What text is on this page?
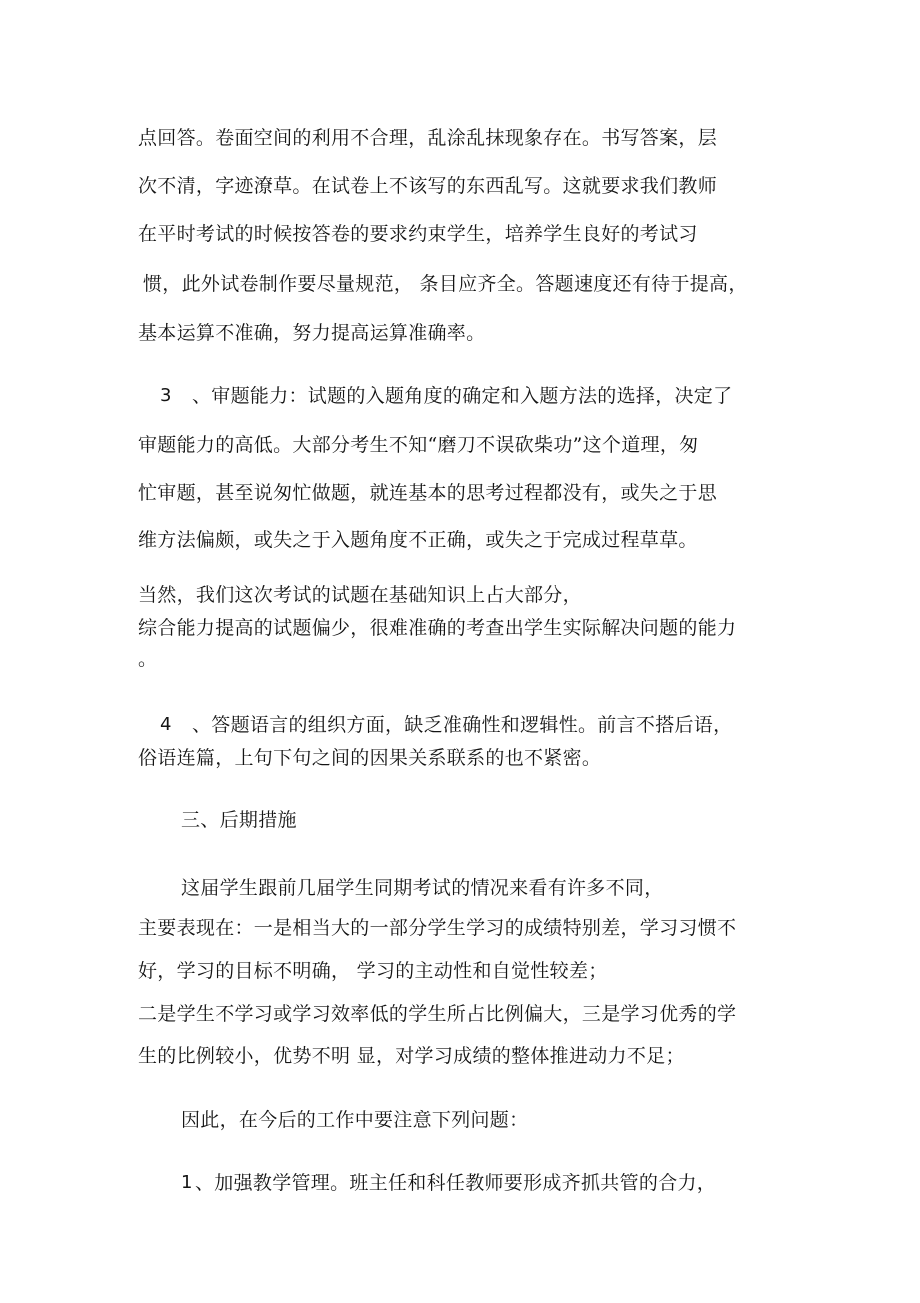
点回答。卷面空间的利用不合理，乱涂乱抹现象存在。书写答案，层
次不清，字迹潦草。在试卷上不该写的东西乱写。这就要求我们教师
在平时考试的时候按答卷的要求约束学生，培养学生良好的考试习
惯，此外试卷制作要尽量规范， 条目应齐全。答题速度还有待于提高，
基本运算不准确，努力提高运算准确率。
3 、审题能力：试题的入题角度的确定和入题方法的选择，决定了
审题能力的高低。大部分考生不知“磨刀不误砍柴功”这个道理，匆
忙审题，甚至说匆忙做题，就连基本的思考过程都没有，或失之于思
维方法偏颇，或失之于入题角度不正确，或失之于完成过程草草。
当然，我们这次考试的试题在基础知识上占大部分，
综合能力提高的试题偏少，很难准确的考查出学生实际解决问题的能力
。
4 、答题语言的组织方面，缺乏准确性和逻辑性。前言不搭后语，
俗语连篇，上句下句之间的因果关系联系的也不紧密。
三、后期措施
这届学生跟前几届学生同期考试的情况来看有许多不同，
主要表现在：一是相当大的一部分学生学习的成绩特别差，学习习惯不
好，学习的目标不明确， 学习的主动性和自觉性较差；
二是学生不学习或学习效率低的学生所占比例偏大，三是学习优秀的学
生的比例较小，优势不明 显，对学习成绩的整体推进动力不足；
因此，在今后的工作中要注意下列问题：
1 、加强教学管理。班主任和科任教师要形成齐抓共管的合力，
